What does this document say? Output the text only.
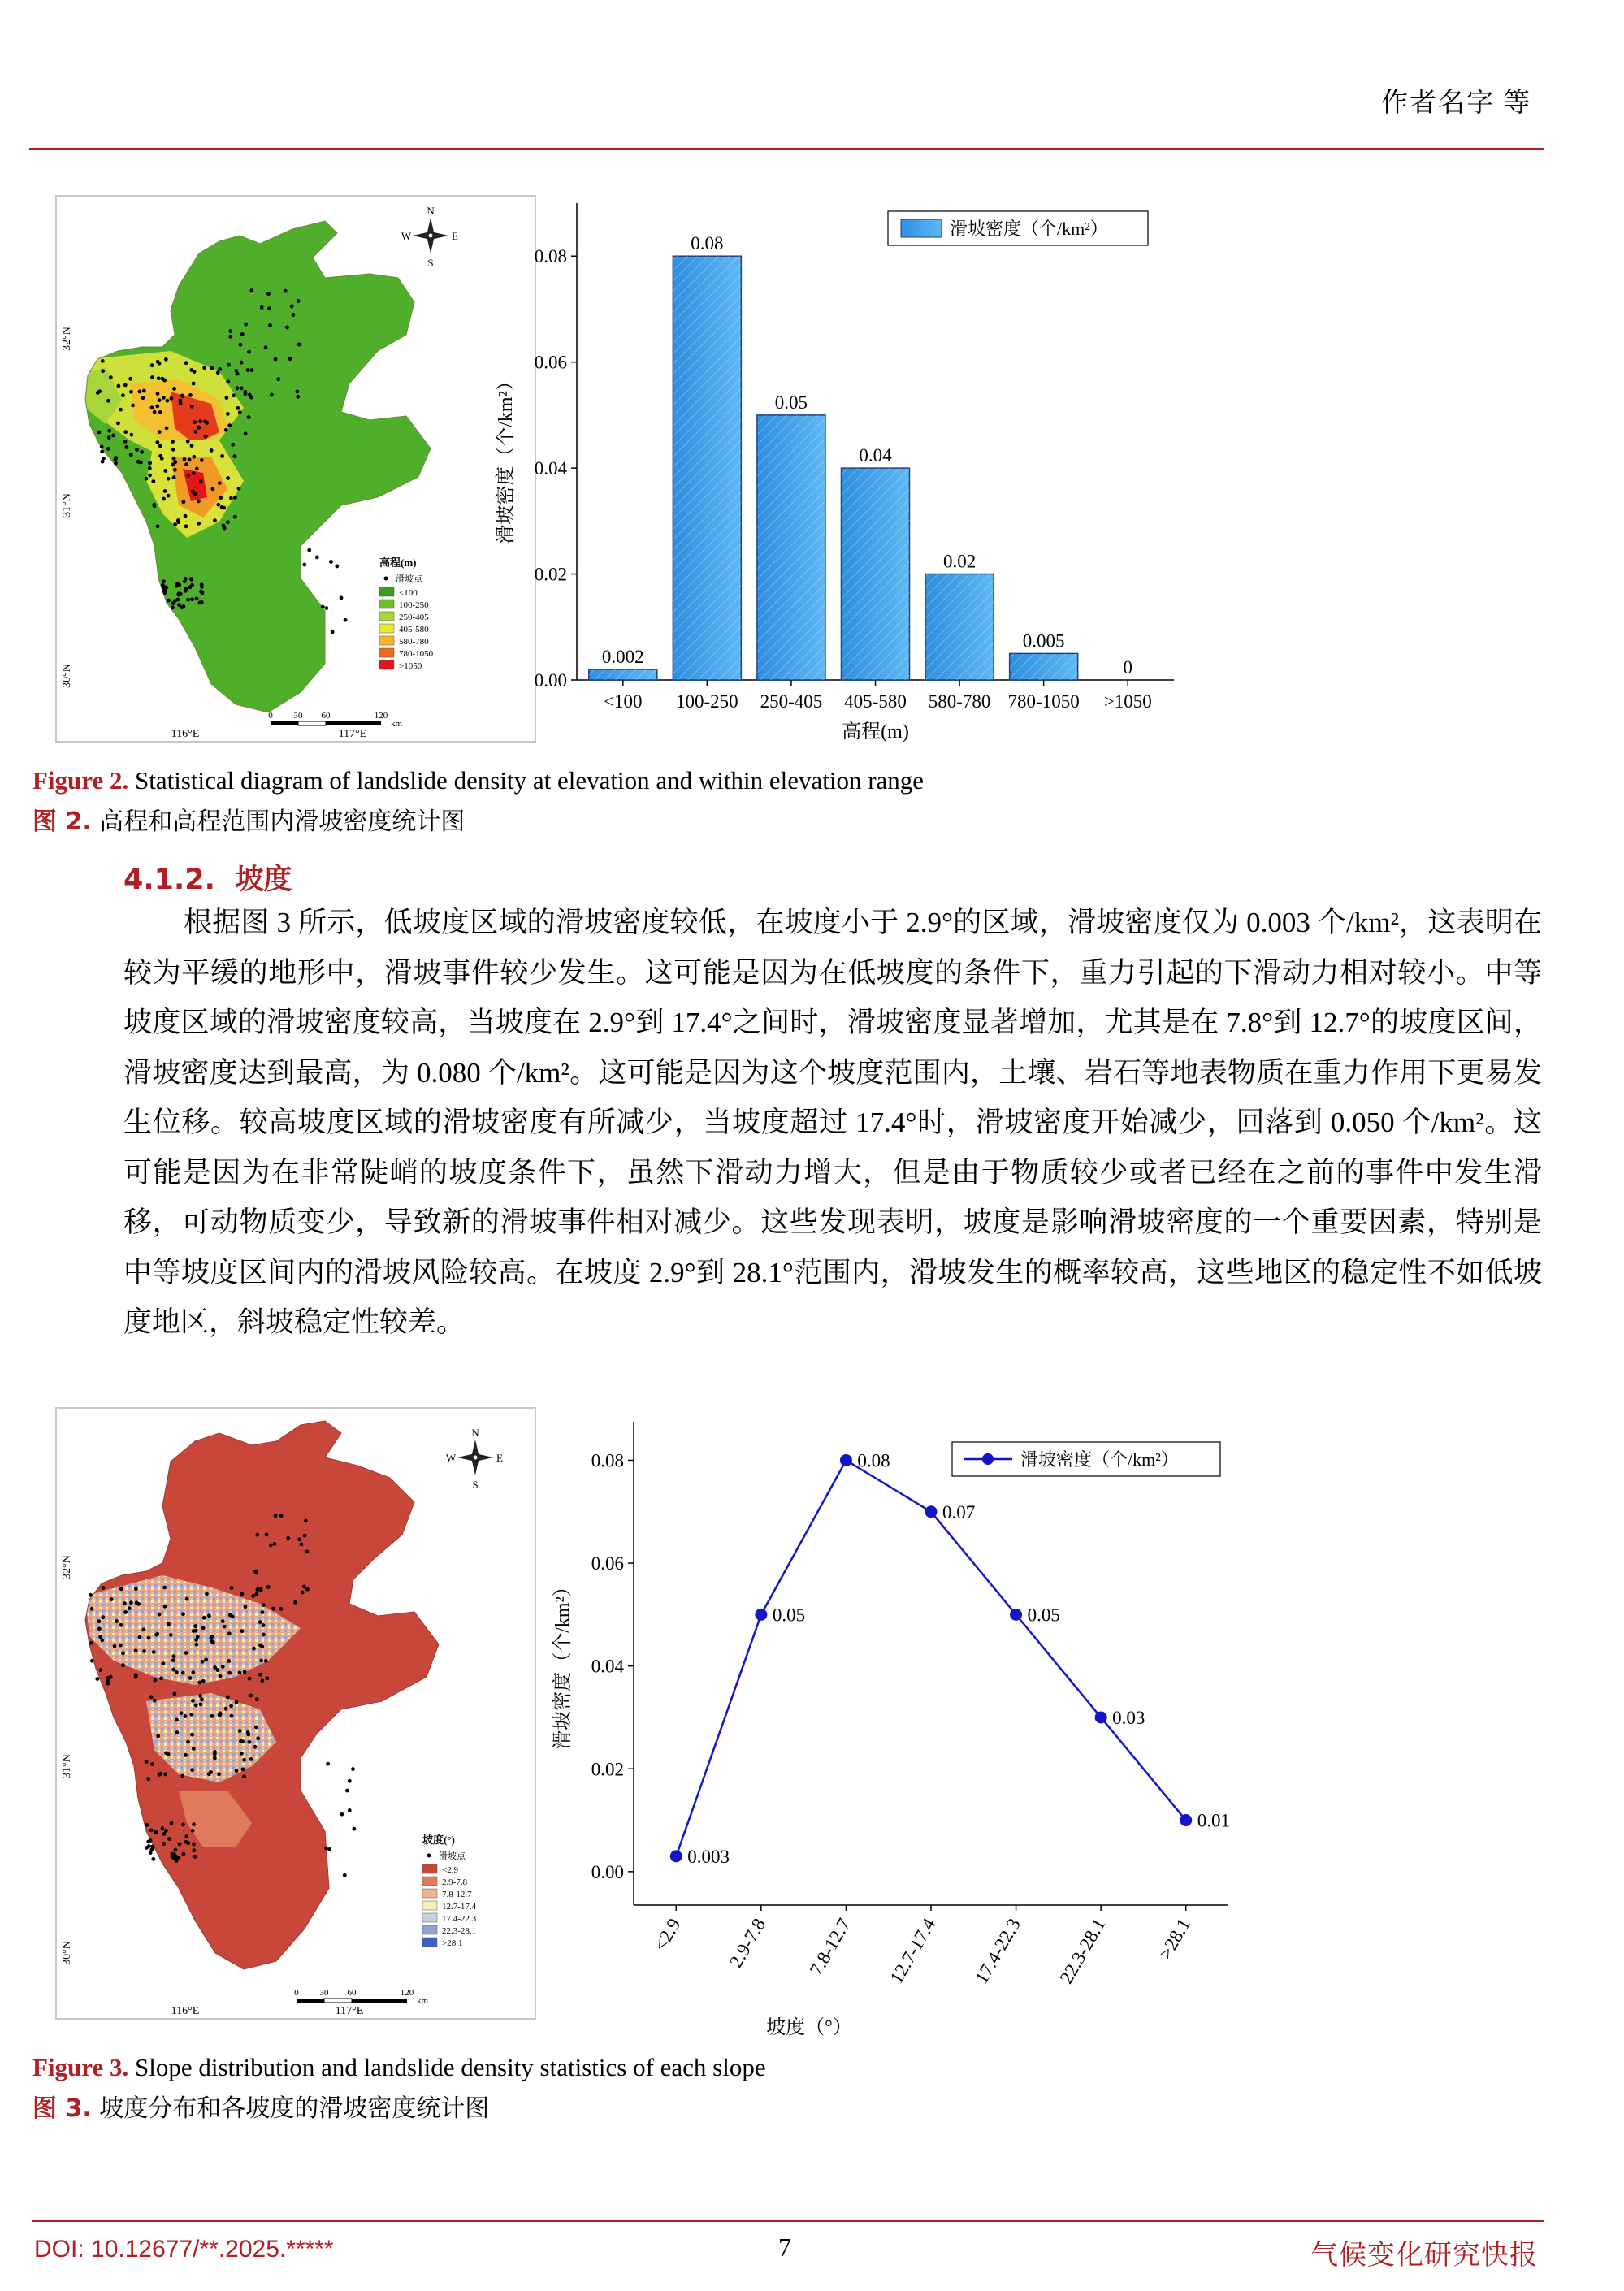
作者名字 等
N
S
E
W
32°N
31°N
30°N
高程(m)
滑坡点
<100
100-250
250-405
405-580
580-780
780-1050
>1050
0 30 60	120
km
116°E	117°E
0.00
0.02
0.04
0.06
0.08
0.002
<100
0.08
100-250
0.05
250-405
0.04
405-580
0.02
580-780
0.005
780-1050
0
>1050
高程(m)
滑坡密度（个/km²）
滑坡密度（个/km²）
Figure 2. Statistical diagram of landslide density at elevation and within elevation range
图 2. 高程和高程范围内滑坡密度统计图
4.1.2. 坡度

根据图 3 所示，低坡度区域的滑坡密度较低，在坡度小于 2.9°的区域，滑坡密度仅为 0.003 个/km²，这表明在较为平缓的地形中，滑坡事件较少发生。这可能是因为在低坡度的条件下，重力引起的下滑动力相对较小。中等坡度区域的滑坡密度较高，当坡度在 2.9°到 17.4°之间时，滑坡密度显著增加，尤其是在 7.8°到 12.7°的坡度区间，滑坡密度达到最高，为 0.080 个/km²。这可能是因为这个坡度范围内，土壤、岩石等地表物质在重力作用下更易发生位移。较高坡度区域的滑坡密度有所减少，当坡度超过 17.4°时，滑坡密度开始减少，回落到 0.050 个/km²。这可能是因为在非常陡峭的坡度条件下，虽然下滑动力增大，但是由于物质较少或者已经在之前的事件中发生滑移，可动物质变少，导致新的滑坡事件相对减少。这些发现表明，坡度是影响滑坡密度的一个重要因素，特别是中等坡度区间内的滑坡风险较高。在坡度 2.9°到 28.1°范围内，滑坡发生的概率较高，这些地区的稳定性不如低坡度地区，斜坡稳定性较差。

N
S
E
W
32°N
31°N
30°N
坡度(°)
滑坡点
<2.9
2.9-7.8
7.8-12.7
12.7-17.4
17.4-22.3
22.3-28.1
>28.1
0 30 60	120
km
116°E	117°E
0.00
0.02
0.04
0.06
0.08
<2.9 2.9-7.8 7.8-12.7 12.7-17.4 17.4-22.3 22.3-28.1 >28.1
0.003
0.05
0.08
0.07
0.05
0.03
0.01
坡度（°）
滑坡密度（个/km²）
滑坡密度（个/km²）
Figure 3. Slope distribution and landslide density statistics of each slope
图 3. 坡度分布和各坡度的滑坡密度统计图
DOI: 10.12677/**.2025.*****	7	气候变化研究快报
